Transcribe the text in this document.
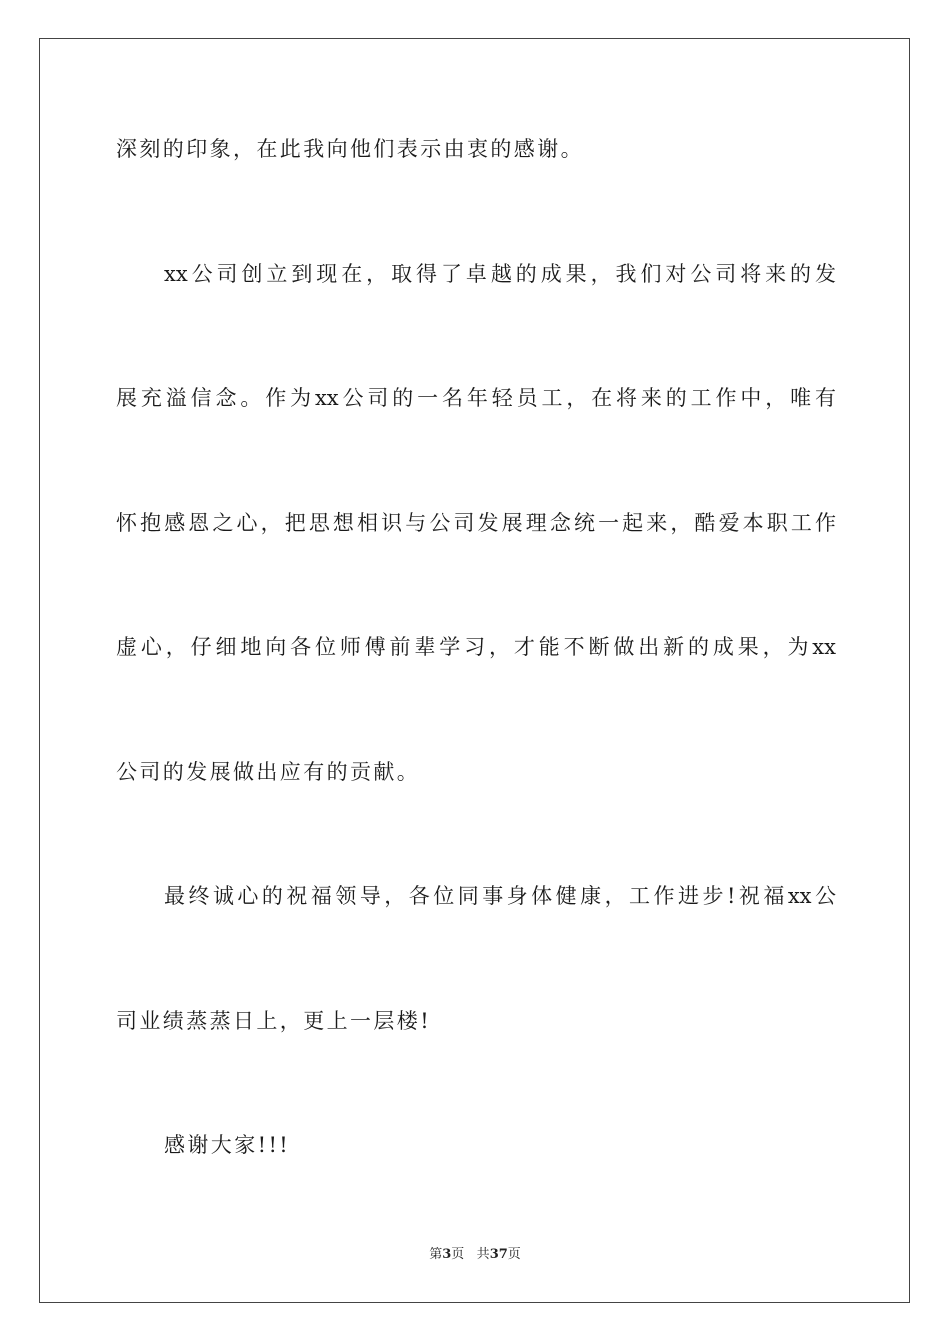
深刻的印象，在此我向他们表示由衷的感谢。
xx公司创立到现在，取得了卓越的成果，我们对公司将来的发
展充溢信念。作为xx公司的一名年轻员工，在将来的工作中，唯有
怀抱感恩之心，把思想相识与公司发展理念统一起来，酷爱本职工作
虚心，仔细地向各位师傅前辈学习，才能不断做出新的成果，为xx
公司的发展做出应有的贡献。
最终诚心的祝福领导，各位同事身体健康，工作进步!祝福xx公
司业绩蒸蒸日上，更上一层楼!
感谢大家!!!
第3页 共37页
